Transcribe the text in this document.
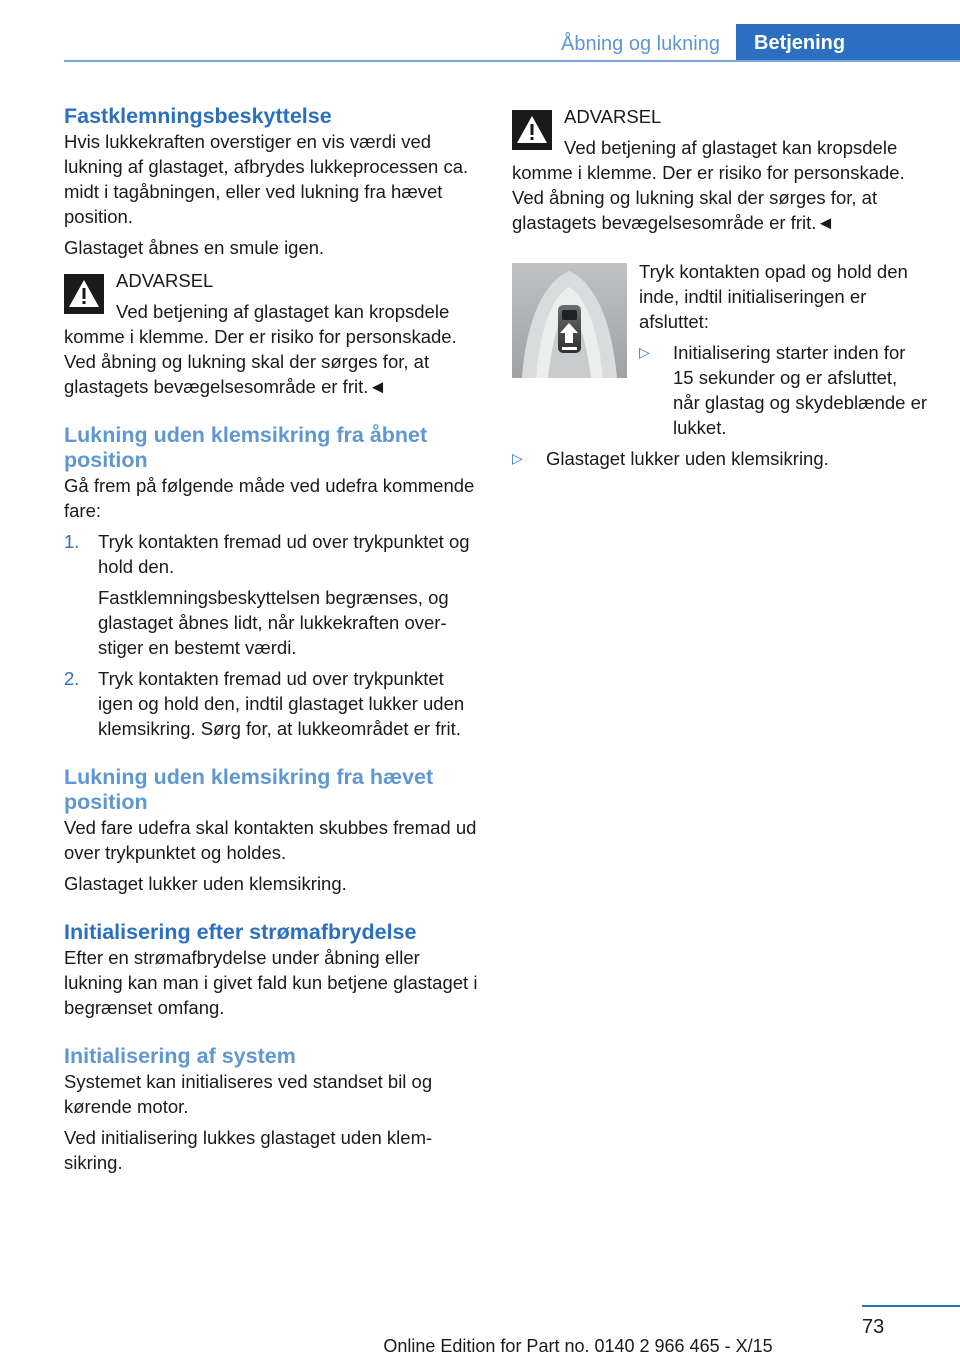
Åbning og lukning	Betjening
Fastklemningsbeskyttelse

Hvis lukkekraften overstiger en vis værdi ved lukning af glastaget, afbrydes lukkeprocessen ca. midt i tagåbningen, eller ved lukning fra hævet position.

Glastaget åbnes en smule igen.

ADVARSEL
Ved betjening af glastaget kan kropsdele komme i klemme. Der er risiko for personskade. Ved åbning og lukning skal der sørges for, at glastagets bevægelsesområde er frit.◄
Lukning uden klemsikring fra åbnet position

Gå frem på følgende måde ved udefra kommende fare:

1.	Tryk kontakten fremad ud over trykpunktet og hold den.

Fastklemningsbeskyttelsen begrænses, og glastaget åbnes lidt, når lukkekraften overstiger en bestemt værdi.

2.	Tryk kontakten fremad ud over trykpunktet igen og hold den, indtil glastaget lukker uden klemsikring. Sørg for, at lukkeområdet er frit.

Lukning uden klemsikring fra hævet position

Ved fare udefra skal kontakten skubbes fremad ud over trykpunktet og holdes.

Glastaget lukker uden klemsikring.

Initialisering efter strømafbrydelse

Efter en strømafbrydelse under åbning eller lukning kan man i givet fald kun betjene glastaget i begrænset omfang.

Initialisering af system

Systemet kan initialiseres ved standset bil og kørende motor.

Ved initialisering lukkes glastaget uden klemsikring.

ADVARSEL
Ved betjening af glastaget kan kropsdele komme i klemme. Der er risiko for personskade. Ved åbning og lukning skal der sørges for, at glastagets bevægelsesområde er frit.◄

Tryk kontakten opad og hold den inde, indtil initialiseringen er afsluttet:

▷	Initialisering starter inden for 15 sekunder og er afsluttet, når glastag og skydeblænde er lukket.
▷	Glastaget lukker uden klemsikring.
73
Online Edition for Part no. 0140 2 966 465 - X/15
